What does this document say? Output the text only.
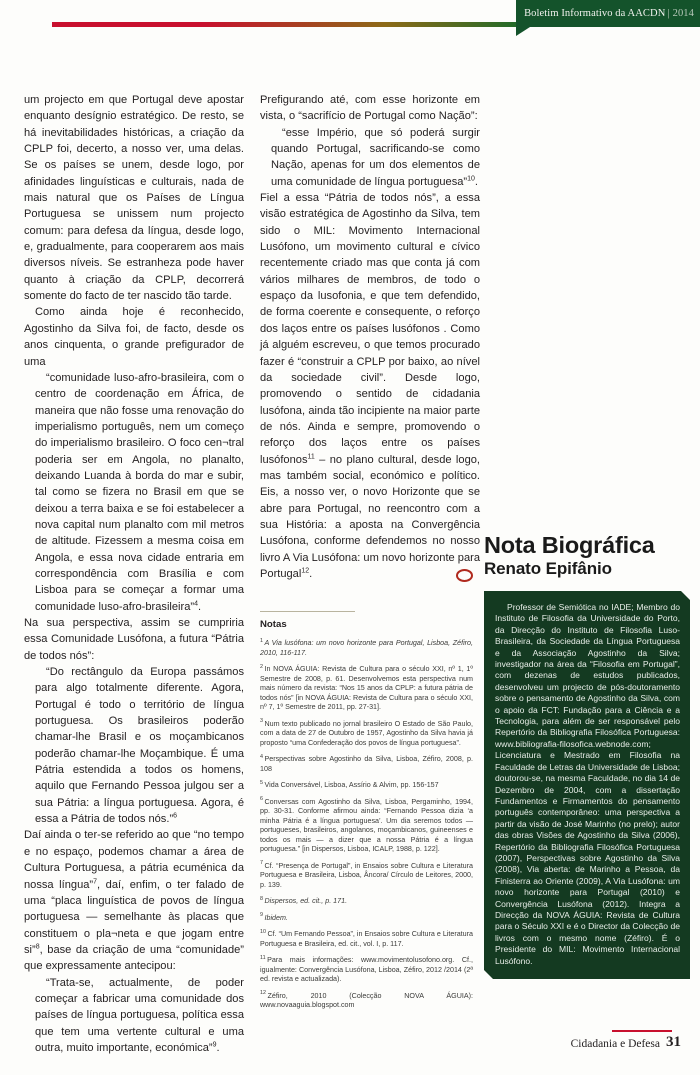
Boletim Informativo da AACDN | 2014

um projecto em que Portugal deve apostar enquanto desígnio estratégico. De resto, se há inevitabilidades históricas, a criação da CPLP foi, decerto, a nosso ver, uma delas. Se os países se unem, desde logo, por afinidades linguísticas e culturais, nada de mais natural que os Países de Língua Portuguesa se unissem num projecto comum: para defesa da língua, desde logo, e, gradualmente, para cooperarem aos mais diversos níveis. Se estranheza pode haver quanto à criação da CPLP, decorrerá somente do facto de ter nascido tão tarde.

Como ainda hoje é reconhecido, Agostinho da Silva foi, de facto, desde os anos cinquenta, o grande prefigurador de uma

“comunidade luso-afro-brasileira, com o centro de coordenação em África, de maneira que não fosse uma renovação do imperialismo português, nem um começo do imperialismo brasileiro. O foco cen¬tral poderia ser em Angola, no planalto, deixando Luanda à borda do mar e subir, tal como se fizera no Brasil em que se deixou a terra baixa e se foi estabelecer a nova capital num planalto com mil metros de altitude. Fizessem a mesma coisa em Angola, e essa nova cidade entraria em correspondência com Brasília e com Lisboa para se começar a formar uma comunidade luso-afro-brasileira”$^4$.

Na sua perspectiva, assim se cumpriria essa Comunidade Lusófona, a futura “Pátria de todos nós”:

“Do rectângulo da Europa passámos para algo totalmente diferente. Agora, Portugal é todo o território de língua portuguesa. Os brasileiros poderão chamar-lhe Brasil e os moçambicanos poderão chamar-lhe Moçambique. É uma Pátria estendida a todos os homens, aquilo que Fernando Pessoa julgou ser a sua Pátria: a língua portuguesa. Agora, é essa a Pátria de todos nós.”$^6$

Daí ainda o ter-se referido ao que “no tempo e no espaço, podemos chamar a área de Cultura Portuguesa, a pátria ecuménica da nossa língua”$^7$, daí, enfim, o ter falado de uma “placa linguística de povos de língua portuguesa — semelhante às placas que constituem o pla¬neta e que jogam entre si”$^8$, base da criação de uma “comunidade” que expressamente antecipou:

“Trata-se, actualmente, de poder começar a fabricar uma comunidade dos países de língua portuguesa, política essa que tem uma vertente cultural e uma outra, muito importante, económica”$^9$.

Prefigurando até, com esse horizonte em vista, o “sacrifício de Portugal como Nação”:

“esse Império, que só poderá surgir quando Portugal, sacrificando-se como Nação, apenas for um dos elementos de uma comunidade de língua portuguesa”$^{10}$.

Fiel a essa “Pátria de todos nós”, a essa visão estratégica de Agostinho da Silva, tem sido o MIL: Movimento Internacional Lusófono, um movimento cultural e cívico recentemente criado mas que conta já com vários milhares de membros, de todo o espaço da lusofonia, e que tem defendido, de forma coerente e consequente, o reforço dos laços entre os países lusófonos . Como já alguém escreveu, o que temos procurado fazer é “construir a CPLP por baixo, ao nível da sociedade civil”. Desde logo, promovendo o sentido de cidadania lusófona, ainda tão incipiente na maior parte de nós. Ainda e sempre, promovendo o reforço dos laços entre os países lusófonos$^{11}$ – no plano cultural, desde logo, mas também social, económico e político. Eis, a nosso ver, o novo Horizonte que se abre para Portugal, no reencontro com a sua História: a aposta na Convergência Lusófona, conforme defendemos no nosso livro A Via Lusófona: um novo horizonte para Portugal$^{12}$.

Notas

$^1$ A Via lusófona: um novo horizonte para Portugal, Lisboa, Zéfiro, 2010, 116-117.

$^2$ In NOVA ÁGUIA: Revista de Cultura para o século XXI, nº 1, 1º Semestre de 2008, p. 61. Desenvolvemos esta perspectiva num mais número da revista: “Nos 15 anos da CPLP: a futura pátria de todos nós” [in NOVA ÁGUIA: Revista de Cultura para o século XXI, nº 7, 1º Semestre de 2011, pp. 27-31].

$^3$ Num texto publicado no jornal brasileiro O Estado de São Paulo, com a data de 27 de Outubro de 1957, Agostinho da Silva havia já proposto “uma Confederação dos povos de língua portuguesa”.

$^4$ Perspectivas sobre Agostinho da Silva, Lisboa, Zéfiro, 2008, p. 108

$^5$ Vida Conversável, Lisboa, Assírio & Alvim, pp. 156-157

$^6$ Conversas com Agostinho da Silva, Lisboa, Pergaminho, 1994, pp. 30-31. Conforme afirmou ainda: “Fernando Pessoa dizia ‘a minha Pátria é a língua portuguesa’. Um dia seremos todos — portugueses, brasileiros, angolanos, moçambicanos, guineenses e todos os mais — a dizer que a nossa Pátria é a língua portuguesa.” [in Dispersos, Lisboa, ICALP, 1988, p. 122].

$^7$ Cf. “Presença de Portugal”, in Ensaios sobre Cultura e Literatura Portuguesa e Brasileira, Lisboa, Âncora/ Círculo de Leitores, 2000, p. 139.

$^8$ Dispersos, ed. cit., p. 171.

$^9$ Ibidem.

$^{10}$ Cf. “Um Fernando Pessoa”, in Ensaios sobre Cultura e Literatura Portuguesa e Brasileira, ed. cit., vol. I, p. 117.

$^{11}$ Para mais informações: www.movimentolusofono.org. Cf., igualmente: Convergência Lusófona, Lisboa, Zéfiro, 2012 /2014 (2ª ed. revista e actualizada).

$^{12}$ Zéfiro, 2010 (Colecção NOVA ÁGUIA): www.novaaguia.blogspot.com

Nota Biográfica
Renato Epifânio
Professor de Semiótica no IADE; Membro do Instituto de Filosofia da Universidade do Porto, da Direcção do Instituto de Filosofia Luso-Brasileira, da Sociedade da Língua Portuguesa e da Associação Agostinho da Silva; investigador na área da “Filosofia em Portugal”, com dezenas de estudos publicados, desenvolveu um projecto de pós-doutoramento sobre o pensamento de Agostinho da Silva, com o apoio da FCT: Fundação para a Ciência e a Tecnologia, para além de ser responsável pelo Repertório da Bibliografia Filosófica Portuguesa: www.bibliografia-filosofica.webnode.com; Licenciatura e Mestrado em Filosofia na Faculdade de Letras da Universidade de Lisboa; doutorou-se, na mesma Faculdade, no dia 14 de Dezembro de 2004, com a dissertação Fundamentos e Firmamentos do pensamento português contemporâneo: uma perspectiva a partir da visão de José Marinho (no prelo); autor das obras Visões de Agostinho da Silva (2006), Repertório da Bibliografia Filosófica Portuguesa (2007), Perspectivas sobre Agostinho da Silva (2008), Via aberta: de Marinho a Pessoa, da Finisterra ao Oriente (2009), A Via Lusófona: um novo horizonte para Portugal (2010) e Convergência Lusófona (2012). Integra a Direcção da NOVA ÁGUIA: Revista de Cultura para o Século XXI e é o Director da Colecção de livros com o mesmo nome (Zéfiro). É o Presidente do MIL: Movimento Internacional Lusófono.
Cidadania e Defesa 31
